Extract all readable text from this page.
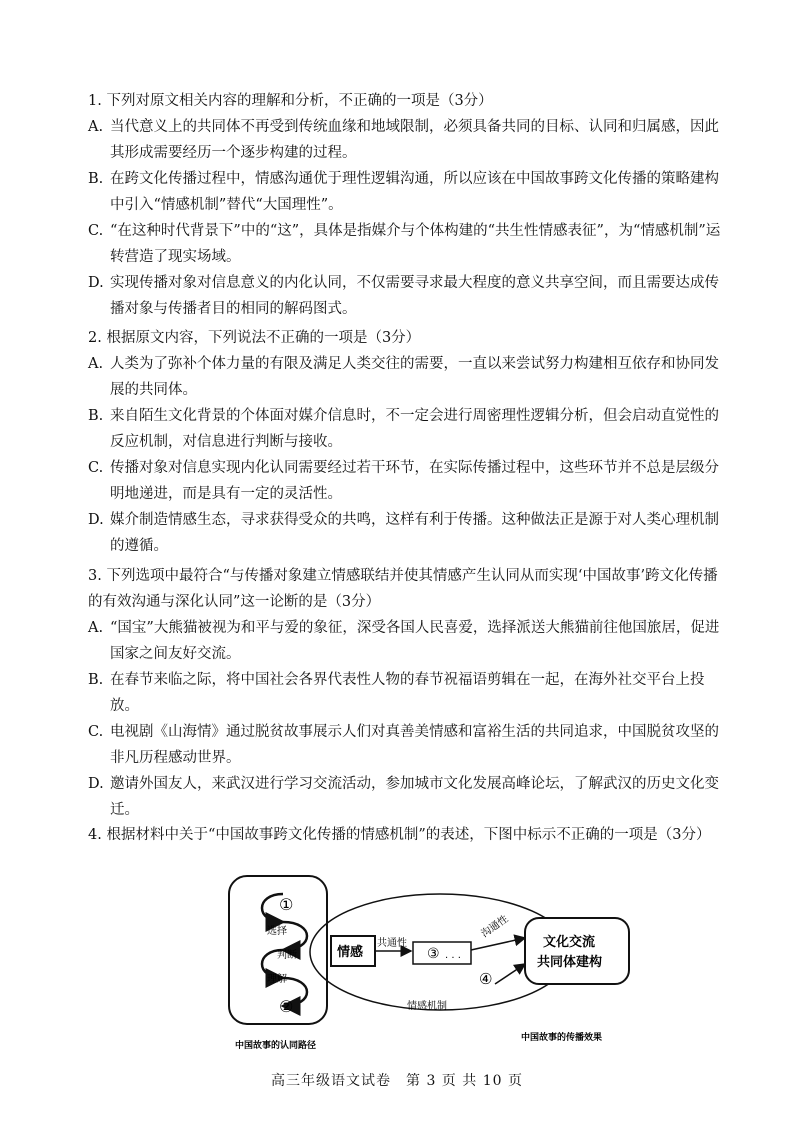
1. 下列对原文相关内容的理解和分析，不正确的一项是（3分）
A. 当代意义上的共同体不再受到传统血缘和地域限制，必须具备共同的目标、认同和归属感，因此其形成需要经历一个逐步构建的过程。
B. 在跨文化传播过程中，情感沟通优于理性逻辑沟通，所以应该在中国故事跨文化传播的策略建构中引入“情感机制”替代“大国理性”。
C. “在这种时代背景下”中的“这”，具体是指媒介与个体构建的“共生性情感表征”，为“情感机制”运转营造了现实场域。
D. 实现传播对象对信息意义的内化认同，不仅需要寻求最大程度的意义共享空间，而且需要达成传播对象与传播者目的相同的解码图式。
2. 根据原文内容，下列说法不正确的一项是（3分）
A. 人类为了弥补个体力量的有限及满足人类交往的需要，一直以来尝试努力构建相互依存和协同发展的共同体。
B. 来自陌生文化背景的个体面对媒介信息时，不一定会进行周密理性逻辑分析，但会启动直觉性的反应机制，对信息进行判断与接收。
C. 传播对象对信息实现内化认同需要经过若干环节，在实际传播过程中，这些环节并不总是层级分明地递进，而是具有一定的灵活性。
D. 媒介制造情感生态，寻求获得受众的共鸣，这样有利于传播。这种做法正是源于对人类心理机制的遵循。
3. 下列选项中最符合“与传播对象建立情感联结并使其情感产生认同从而实现‘中国故事’跨文化传播的有效沟通与深化认同”这一论断的是（3分）
A. “国宝”大熊猫被视为和平与爱的象征，深受各国人民喜爱，选择派送大熊猫前往他国旅居，促进国家之间友好交流。
B. 在春节来临之际，将中国社会各界代表性人物的春节祝福语剪辑在一起，在海外社交平台上投放。
C. 电视剧《山海情》通过脱贫故事展示人们对真善美情感和富裕生活的共同追求，中国脱贫攻坚的非凡历程感动世界。
D. 邀请外国友人，来武汉进行学习交流活动，参加城市文化发展高峰论坛，了解武汉的历史文化变迁。
4. 根据材料中关于“中国故事跨文化传播的情感机制”的表述，下图中标示不正确的一项是（3分）
①
选择
判断
理解
②
情感
共通性
③ . . .
沟通性
④
文化交流
共同体建构
情感机制
中国故事的认同路径
中国故事的传播效果
高三年级语文试卷　第 3 页 共 10 页
